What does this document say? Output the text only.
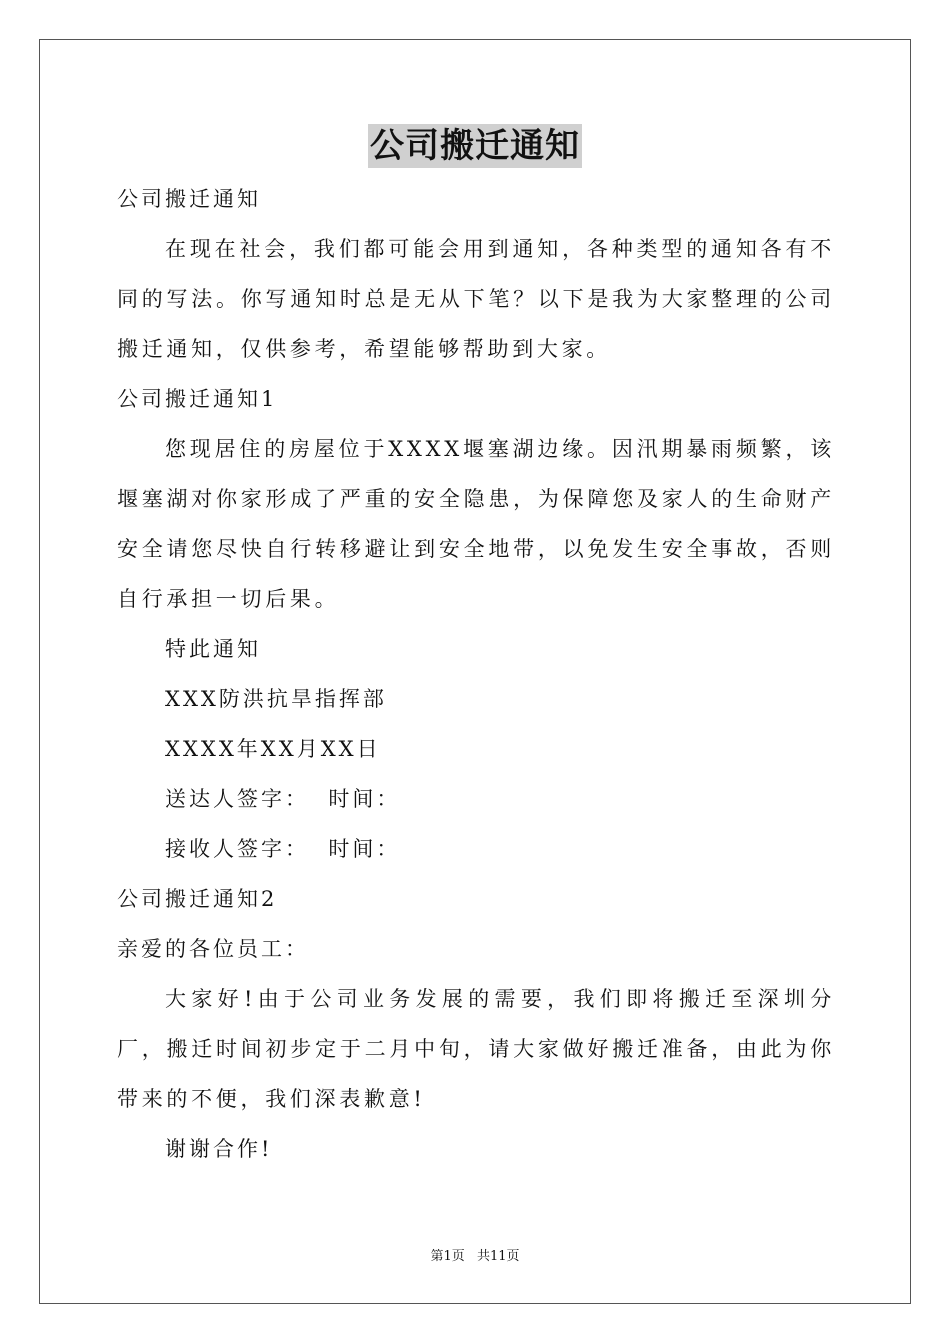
公司搬迁通知
公司搬迁通知
在现在社会，我们都可能会用到通知，各种类型的通知各有不同的写法。你写通知时总是无从下笔？以下是我为大家整理的公司搬迁通知，仅供参考，希望能够帮助到大家。
公司搬迁通知1
您现居住的房屋位于XXXX堰塞湖边缘。因汛期暴雨频繁，该堰塞湖对你家形成了严重的安全隐患，为保障您及家人的生命财产安全请您尽快自行转移避让到安全地带，以免发生安全事故，否则自行承担一切后果。
特此通知
XXX防洪抗旱指挥部
XXXX年XX月XX日
送达人签字：  时间：
接收人签字：  时间：
公司搬迁通知2
亲爱的各位员工：
大家好!由于公司业务发展的需要，我们即将搬迁至深圳分厂，搬迁时间初步定于二月中旬，请大家做好搬迁准备，由此为你带来的不便，我们深表歉意!
谢谢合作!
第1页 共11页
